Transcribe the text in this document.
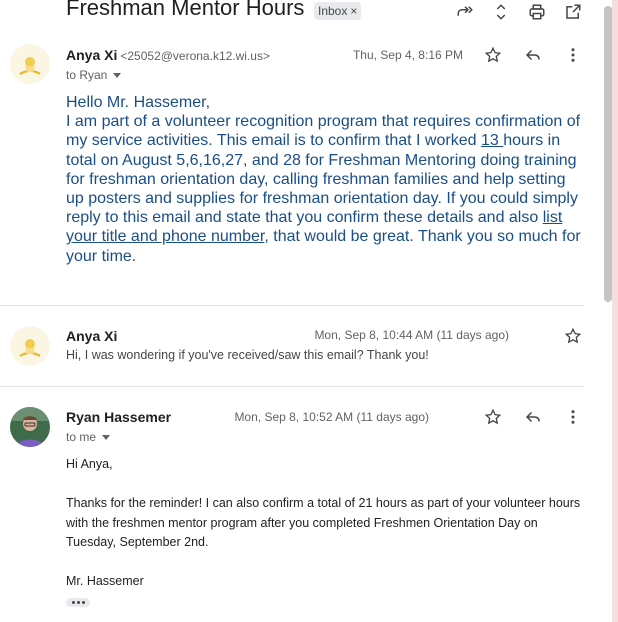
Freshman Mentor Hours	Inbox ×
Anya Xi <25052@verona.k12.wi.us>
to Ryan
Thu, Sep 4, 8:16 PM
Hello Mr. Hassemer,
I am part of a volunteer recognition program that requires confirmation of my service activities. This email is to confirm that I worked 13 hours in total on August 5,6,16,27, and 28 for Freshman Mentoring doing training for freshman orientation day, calling freshman families and help setting up posters and supplies for freshman orientation day. If you could simply reply to this email and state that you confirm these details and also list your title and phone number, that would be great. Thank you so much for your time.
Anya Xi
Hi, I was wondering if you've received/saw this email? Thank you!
Mon, Sep 8, 10:44 AM (11 days ago)
Ryan Hassemer
to me
Mon, Sep 8, 10:52 AM (11 days ago)

Hi Anya,

Thanks for the reminder! I can also confirm a total of 21 hours as part of your volunteer hours with the freshmen mentor program after you completed Freshmen Orientation Day on Tuesday, September 2nd.

Mr. Hassemer
